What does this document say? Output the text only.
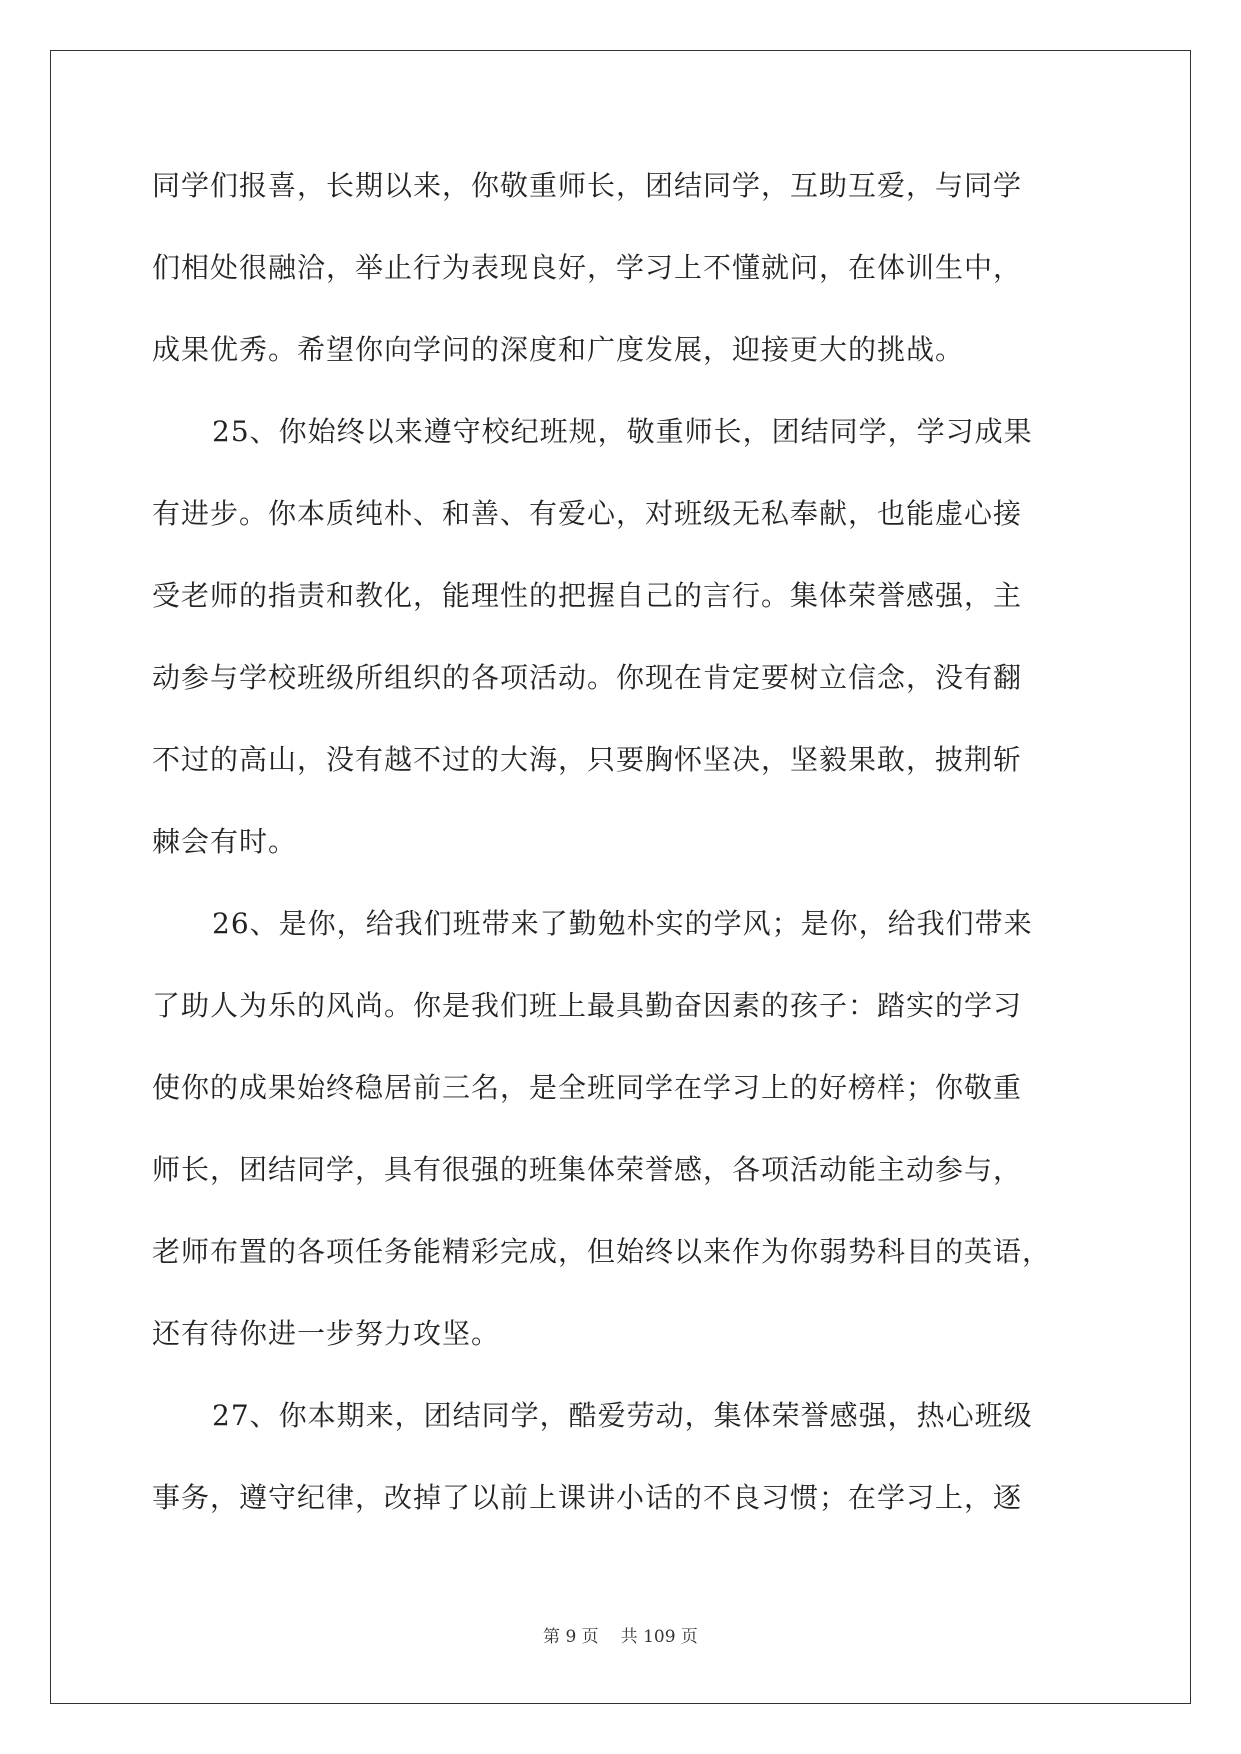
同学们报喜，长期以来，你敬重师长，团结同学，互助互爱，与同学
们相处很融洽，举止行为表现良好，学习上不懂就问，在体训生中，
成果优秀。希望你向学问的深度和广度发展，迎接更大的挑战。
25、你始终以来遵守校纪班规，敬重师长，团结同学，学习成果
有进步。你本质纯朴、和善、有爱心，对班级无私奉献，也能虚心接
受老师的指责和教化，能理性的把握自己的言行。集体荣誉感强，主
动参与学校班级所组织的各项活动。你现在肯定要树立信念，没有翻
不过的高山，没有越不过的大海，只要胸怀坚决，坚毅果敢，披荆斩
棘会有时。
26、是你，给我们班带来了勤勉朴实的学风；是你，给我们带来
了助人为乐的风尚。你是我们班上最具勤奋因素的孩子：踏实的学习
使你的成果始终稳居前三名，是全班同学在学习上的好榜样；你敬重
师长，团结同学，具有很强的班集体荣誉感，各项活动能主动参与，
老师布置的各项任务能精彩完成，但始终以来作为你弱势科目的英语，
还有待你进一步努力攻坚。
27、你本期来，团结同学，酷爱劳动，集体荣誉感强，热心班级
事务，遵守纪律，改掉了以前上课讲小话的不良习惯；在学习上，逐
第 9 页 共 109 页
